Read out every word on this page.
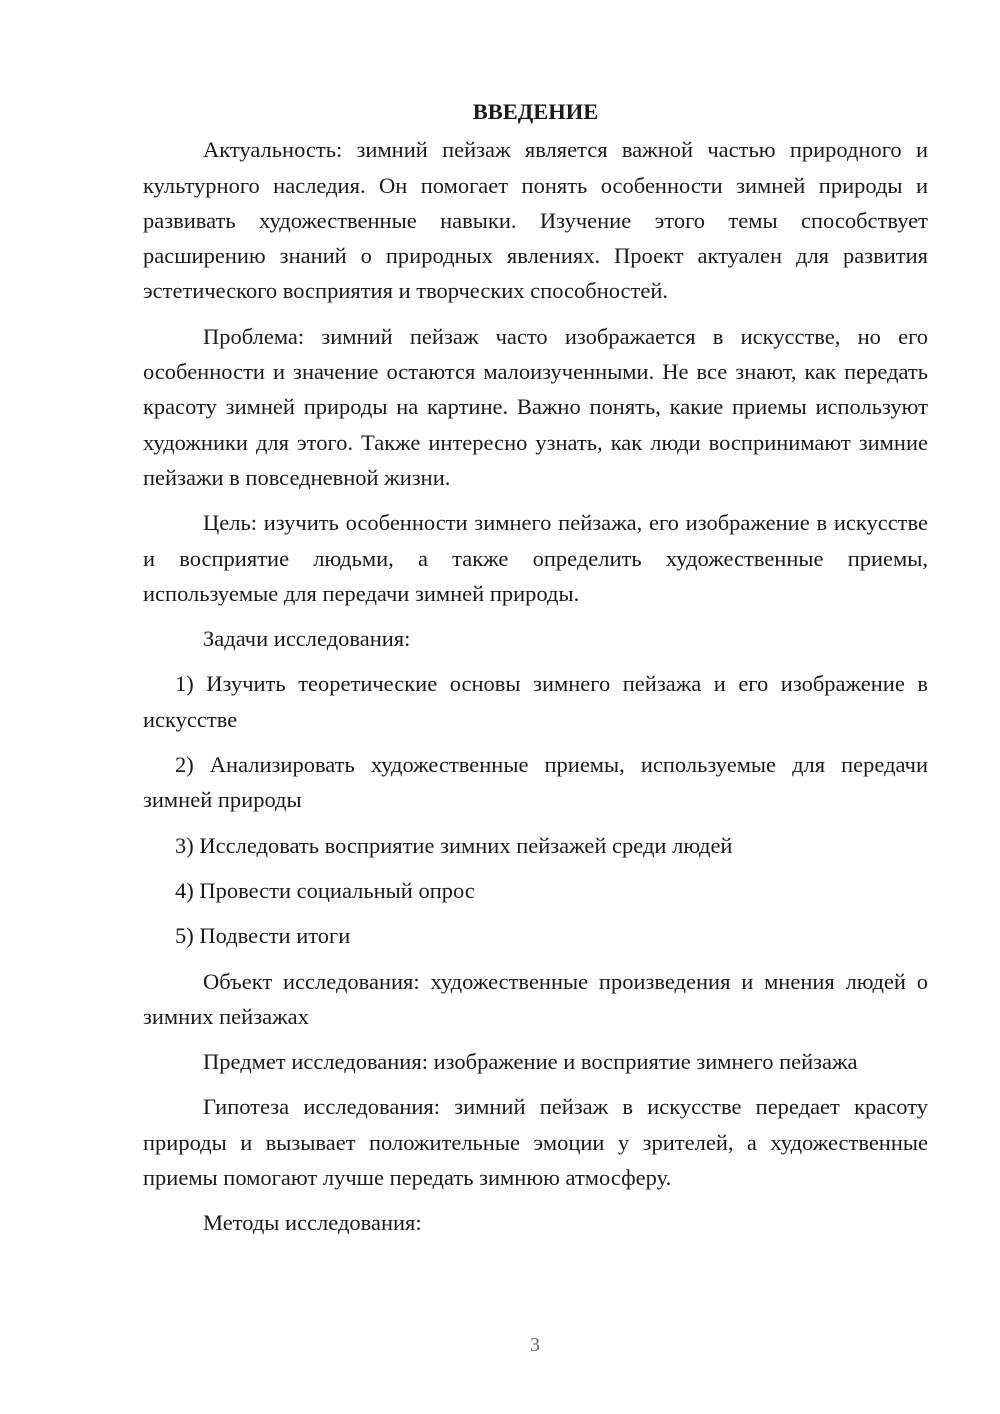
ВВЕДЕНИЕ

Актуальность: зимний пейзаж является важной частью природного и культурного наследия. Он помогает понять особенности зимней природы и развивать художественные навыки. Изучение этого темы способствует расширению знаний о природных явлениях. Проект актуален для развития эстетического восприятия и творческих способностей.

Проблема: зимний пейзаж часто изображается в искусстве, но его особенности и значение остаются малоизученными. Не все знают, как передать красоту зимней природы на картине. Важно понять, какие приемы используют художники для этого. Также интересно узнать, как люди воспринимают зимние пейзажи в повседневной жизни.

Цель: изучить особенности зимнего пейзажа, его изображение в искусстве и восприятие людьми, а также определить художественные приемы, используемые для передачи зимней природы.

Задачи исследования:

1) Изучить теоретические основы зимнего пейзажа и его изображение в искусстве

2) Анализировать художественные приемы, используемые для передачи зимней природы

3) Исследовать восприятие зимних пейзажей среди людей

4) Провести социальный опрос

5) Подвести итоги

Объект исследования: художественные произведения и мнения людей о зимних пейзажах

Предмет исследования: изображение и восприятие зимнего пейзажа

Гипотеза исследования: зимний пейзаж в искусстве передает красоту природы и вызывает положительные эмоции у зрителей, а художественные приемы помогают лучше передать зимнюю атмосферу.

Методы исследования:

3
